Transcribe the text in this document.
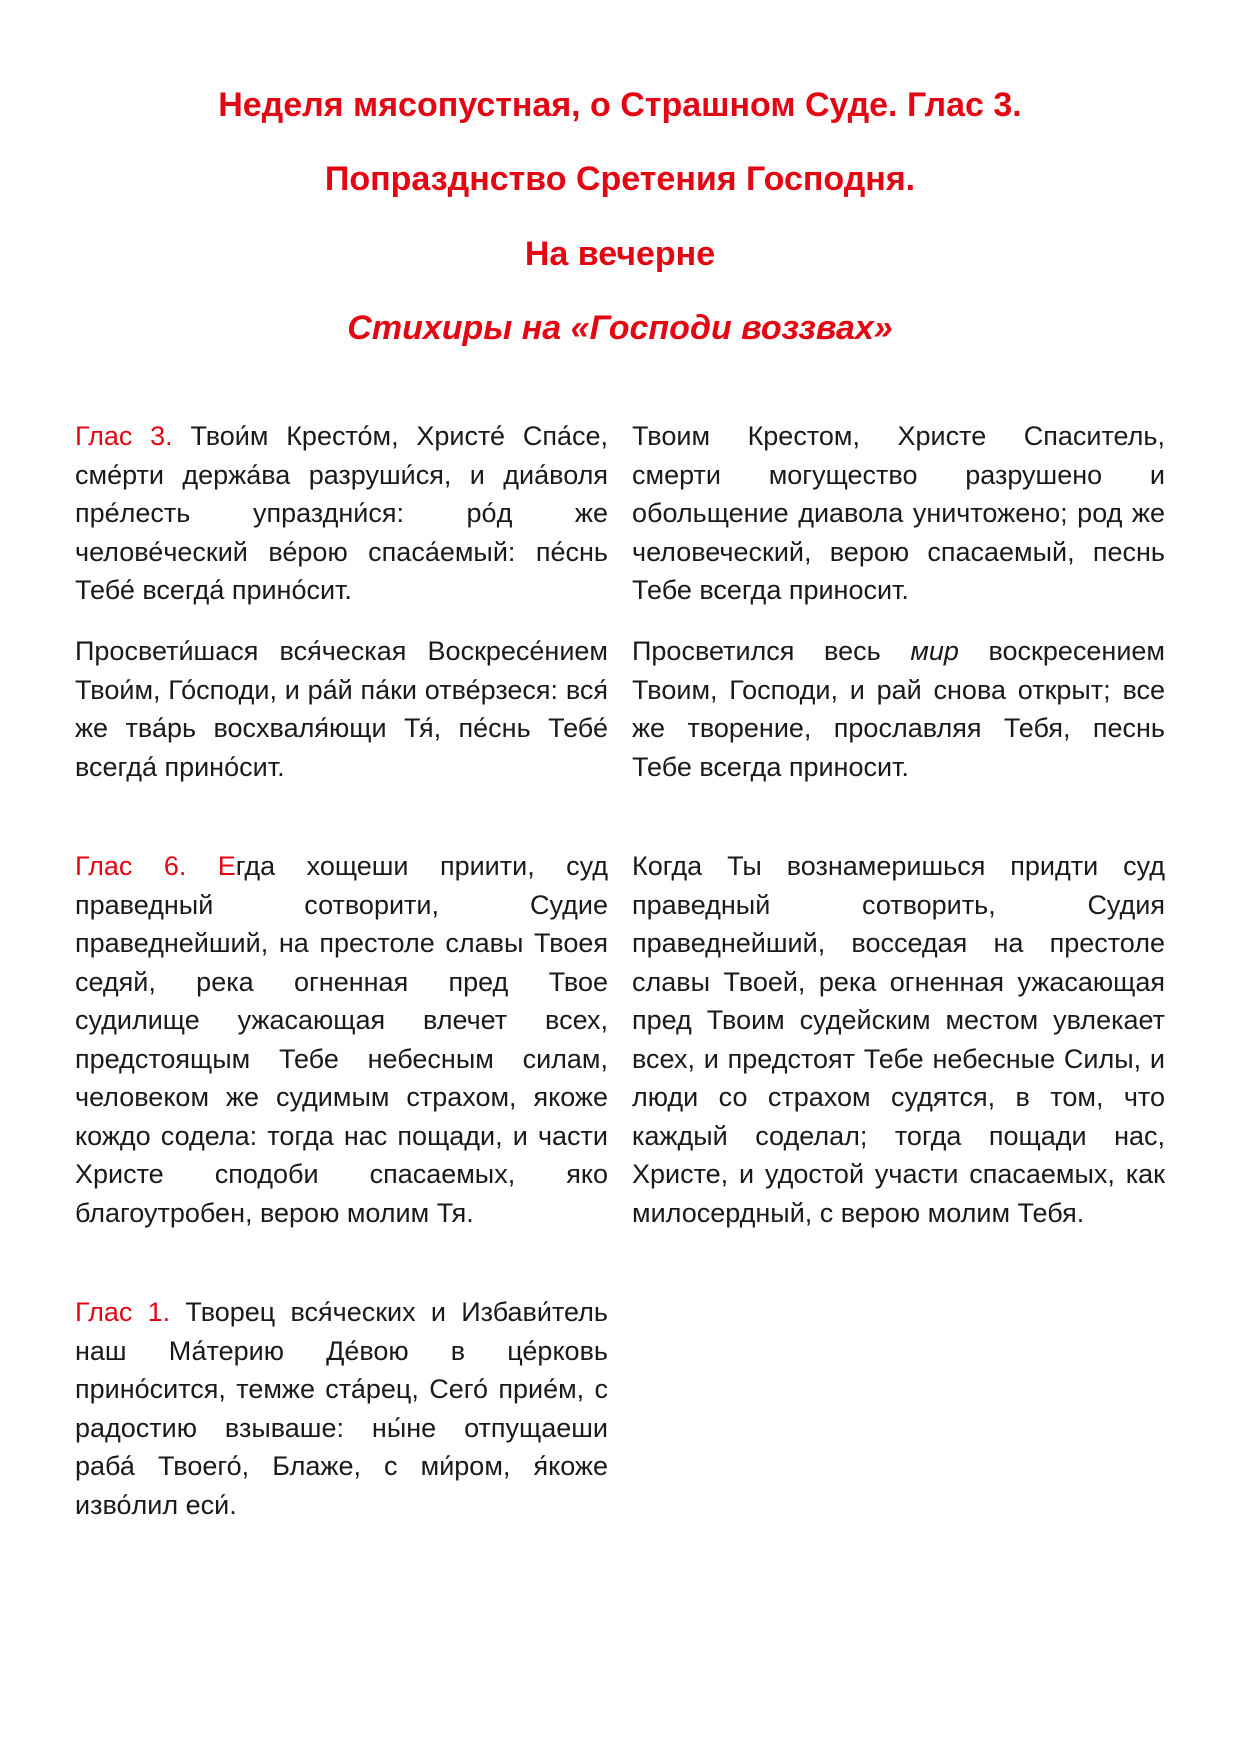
Неделя мясопустная, о Страшном Суде. Глас 3.
Попразднство Сретения Господня.
На вечерне
Стихиры на «Господи воззвах»
Глас 3. Твои́м Кресто́м, Христе́ Спа́се, сме́рти держа́ва разруши́ся, и диа́воля пре́лесть упраздни́ся: ро́д же челове́ческий ве́рою спаса́емый: пе́снь Тебе́ всегда́ прино́сит.
Твоим Крестом, Христе Спаситель, смерти могущество разрушено и обольщение диавола уничтожено; род же человеческий, верою спасаемый, песнь Тебе всегда приносит.
Просвети́шася вся́ческая Воскресе́нием Твои́м, Го́споди, и ра́й па́ки отве́рзеся: вся́ же тва́рь восхваля́ющи Тя́, пе́снь Тебе́ всегда́ прино́сит.
Просветился весь мир воскресением Твоим, Господи, и рай снова открыт; все же творение, прославляя Тебя, песнь Тебе всегда приносит.
Глас 6. Егда хощеши приити, суд праведный сотворити, Судие праведнейший, на престоле славы Твоея седяй, река огненная пред Твое судилище ужасающая влечет всех, предстоящым Тебе небесным силам, человеком же судимым страхом, якоже кождо содела: тогда нас пощади, и части Христе сподоби спасаемых, яко благоутробен, верою молим Тя.
Когда Ты вознамеришься придти суд праведный сотворить, Судия праведнейший, восседая на престоле славы Твоей, река огненная ужасающая пред Твоим судейским местом увлекает всех, и предстоят Тебе небесные Силы, и люди со страхом судятся, в том, что каждый соделал; тогда пощади нас, Христе, и удостой участи спасаемых, как милосердный, с верою молим Тебя.
Глас 1. Творец вся́ческих и Избави́тель наш Ма́терию Де́вою в це́рковь прино́сится, темже ста́рец, Сего́ прие́м, с радостию взываше: ны́не отпущаеши раба́ Твоего́, Блаже, с ми́ром, я́коже изво́лил еси́.
